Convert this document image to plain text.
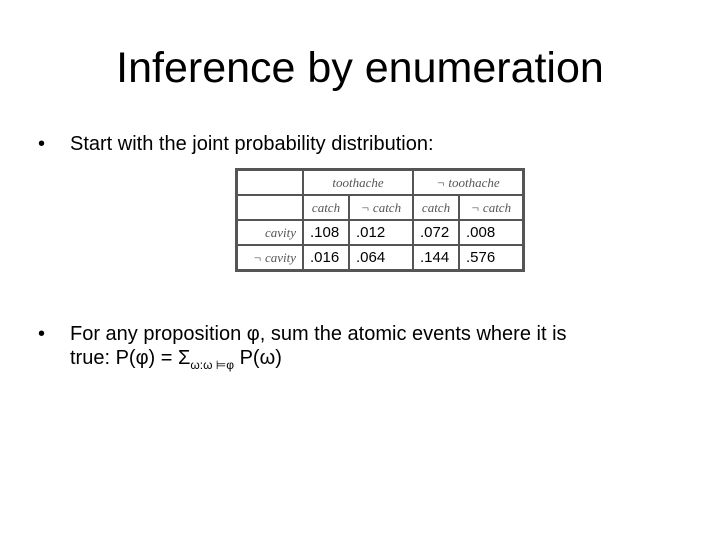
Inference by enumeration
• Start with the joint probability distribution:
	toothache		¬ toothache	
	catch	¬ catch	catch	¬ catch
cavity	.108	.012	.072	.008
¬ cavity	.016	.064	.144	.576
• For any proposition φ, sum the atomic events where it is
true: $P(\varphi) = \Sigma_{\omega:\omega ⊨\varphi}$ P(ω)
